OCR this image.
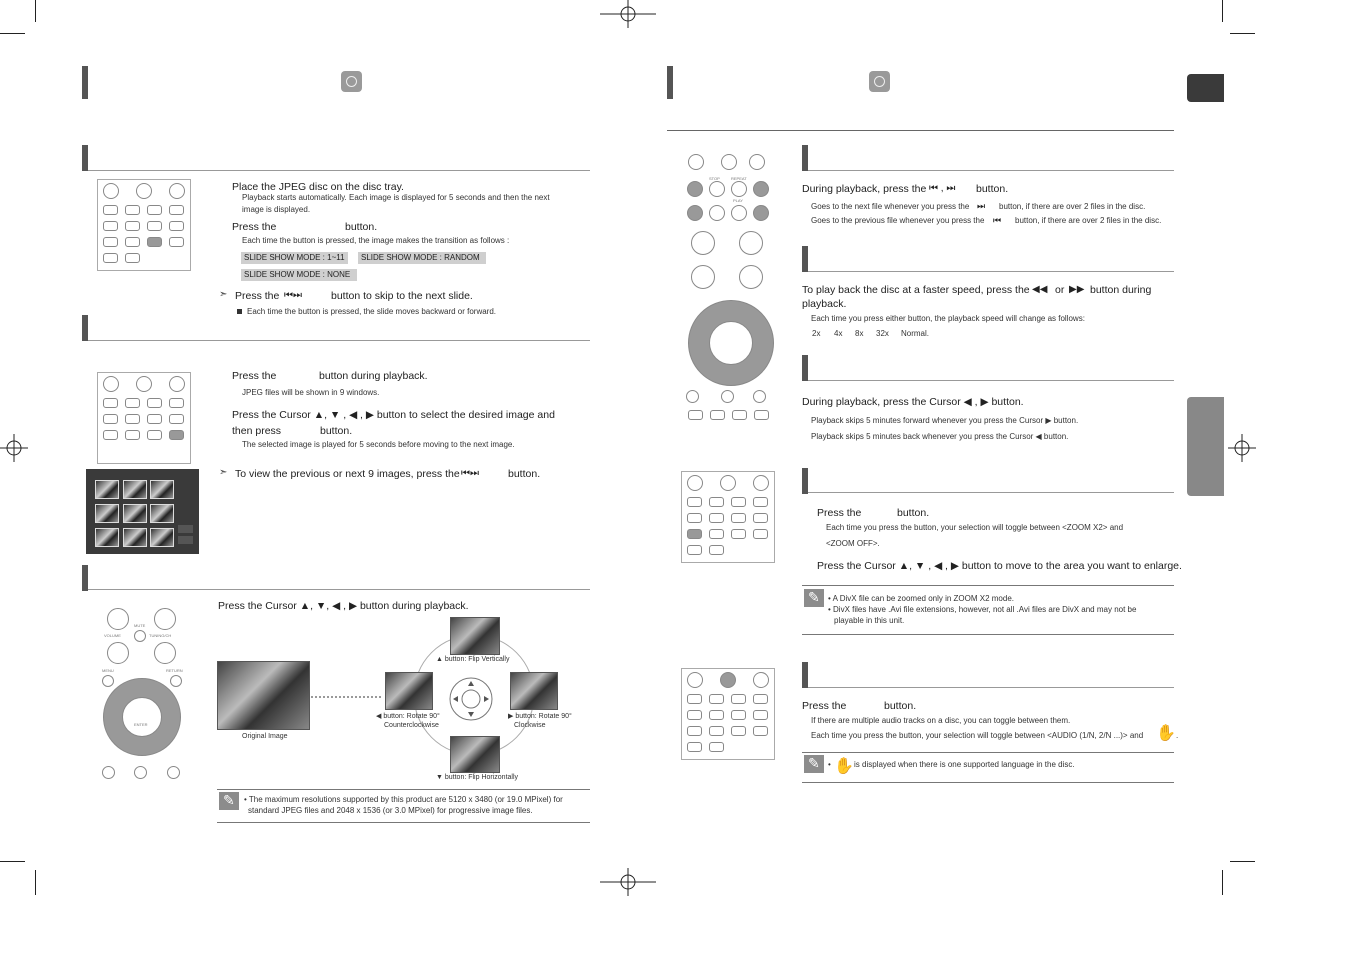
Place the JPEG disc on the disc tray.
Playback starts automatically. Each image is displayed for 5 seconds and then the next
image is displayed.
Press the	button.
Each time the button is pressed, the image makes the transition as follows :
SLIDE SHOW MODE : 1~11	SLIDE SHOW MODE : RANDOM
SLIDE SHOW MODE : NONE
➣ Press the ⏮⏭	button to skip to the next slide.
Each time the button is pressed, the slide moves backward or forward.
Press the	button during playback.
JPEG files will be shown in 9 windows.
Press the Cursor ▲, ▼ , ◀ , ▶ button to select the desired image and
then press	button.
The selected image is played for 5 seconds before moving to the next image.
➣ To view the previous or next 9 images, press the ⏮⏭	button.
MUTE
VOLUME	TUNING/CH
MENU	RETURN
ENTER
Press the Cursor ▲, ▼, ◀ , ▶ button during playback.
Original Image
▲ button: Flip Vertically
◀ button: Rotate 90°
Counterclockwise
▶ button: Rotate 90°
Clockwise
▼ button: Flip Horizontally
✎
• The maximum resolutions supported by this product are 5120 x 3480 (or 19.0 MPixel) for
standard JPEG files and 2048 x 1536 (or 3.0 MPixel) for progressive image files.
STOP	REPEAT
PLAY
During playback, press the ⏮ , ⏭ button.
Goes to the next file whenever you press the ⏭ button, if there are over 2 files in the disc.
Goes to the previous file whenever you press the ⏮ button, if there are over 2 files in the disc.
To play back the disc at a faster speed, press the ◀◀ or ▶▶ button during
playback.
Each time you press either button, the playback speed will change as follows:
2x 4x 8x 32x Normal.
During playback, press the Cursor ◀ , ▶ button.
Playback skips 5 minutes forward whenever you press the Cursor ▶ button.
Playback skips 5 minutes back whenever you press the Cursor ◀ button.
Press the	button.
Each time you press the button, your selection will toggle between <ZOOM X2> and
<ZOOM OFF>.
Press the Cursor ▲, ▼ , ◀ , ▶ button to move to the area you want to enlarge.
✎
• A DivX file can be zoomed only in ZOOM X2 mode.
• DivX files have .Avi file extensions, however, not all .Avi files are DivX and may not be
playable in this unit.
Press the	button.
If there are multiple audio tracks on a disc, you can toggle between them.
Each time you press the button, your selection will toggle between <AUDIO (1/N, 2/N ...)> and ✋ .
✎
• ✋ is displayed when there is one supported language in the disc.
